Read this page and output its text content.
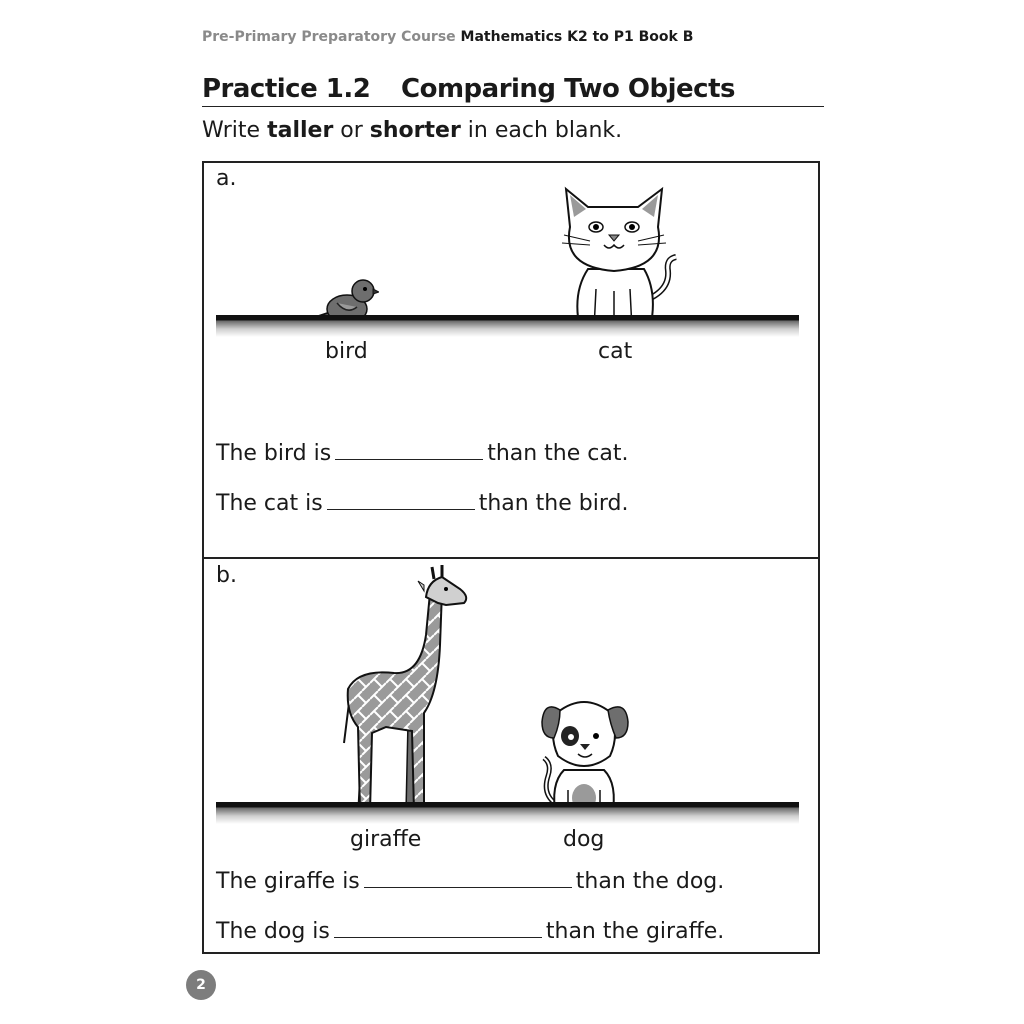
Pre-Primary Preparatory Course Mathematics K2 to P1 Book B
Practice 1.2 Comparing Two Objects
Write taller or shorter in each blank.
a.
bird	cat
The bird is	than the cat.
The cat is	than the bird.
b.
giraffe	dog
The giraffe is	than the dog.
The dog is	than the giraffe.
2
